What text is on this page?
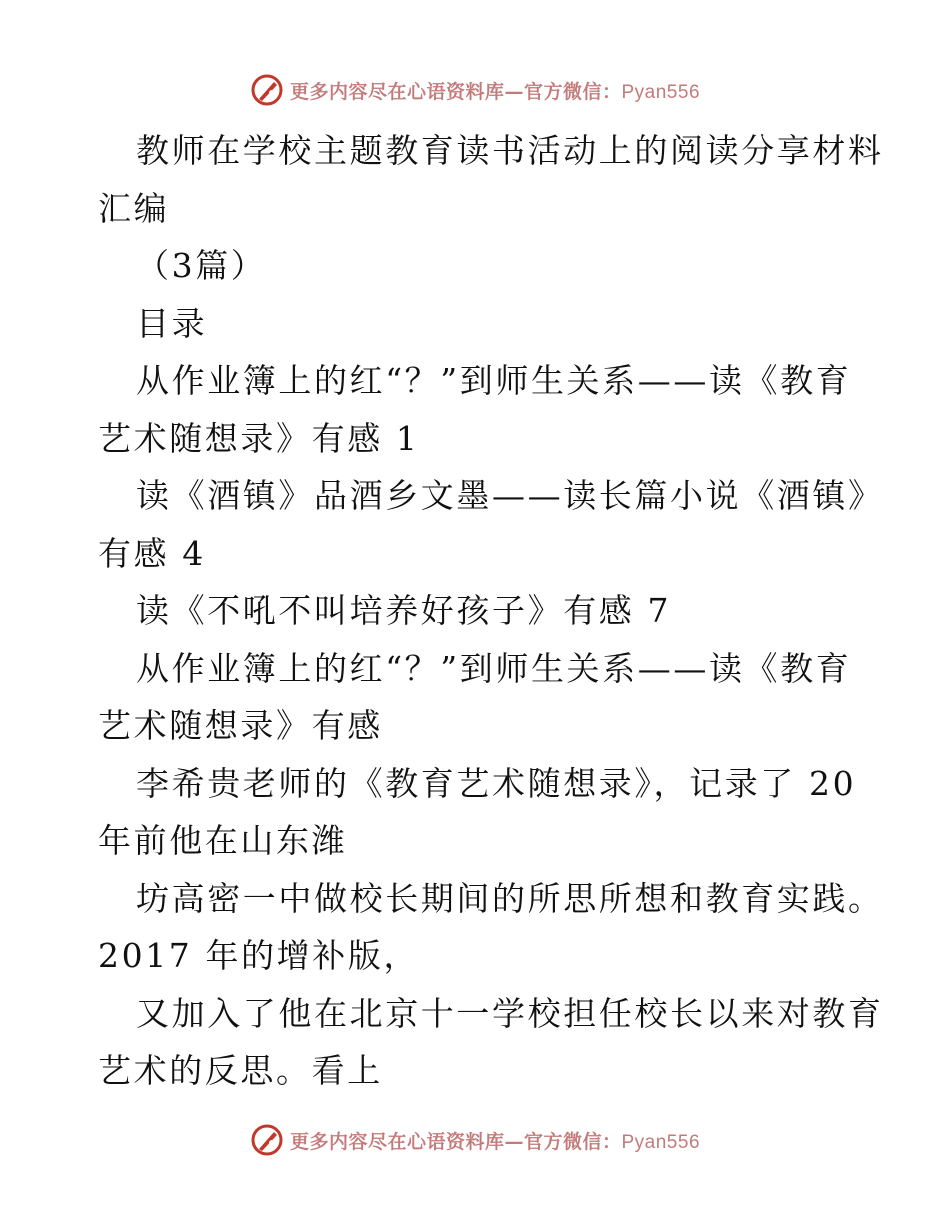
更多内容尽在心语资料库—官方微信：Pyan556
教师在学校主题教育读书活动上的阅读分享材料
汇编
（3篇）
目录
从作业簿上的红“？”到师生关系——读《教育
艺术随想录》有感 1
读《酒镇》品酒乡文墨——读长篇小说《酒镇》
有感 4
读《不吼不叫培养好孩子》有感 7
从作业簿上的红“？”到师生关系——读《教育
艺术随想录》有感
李希贵老师的《教育艺术随想录》，记录了 20
年前他在山东潍
坊高密一中做校长期间的所思所想和教育实践。
2017 年的增补版，
又加入了他在北京十一学校担任校长以来对教育
艺术的反思。看上
更多内容尽在心语资料库—官方微信：Pyan556
